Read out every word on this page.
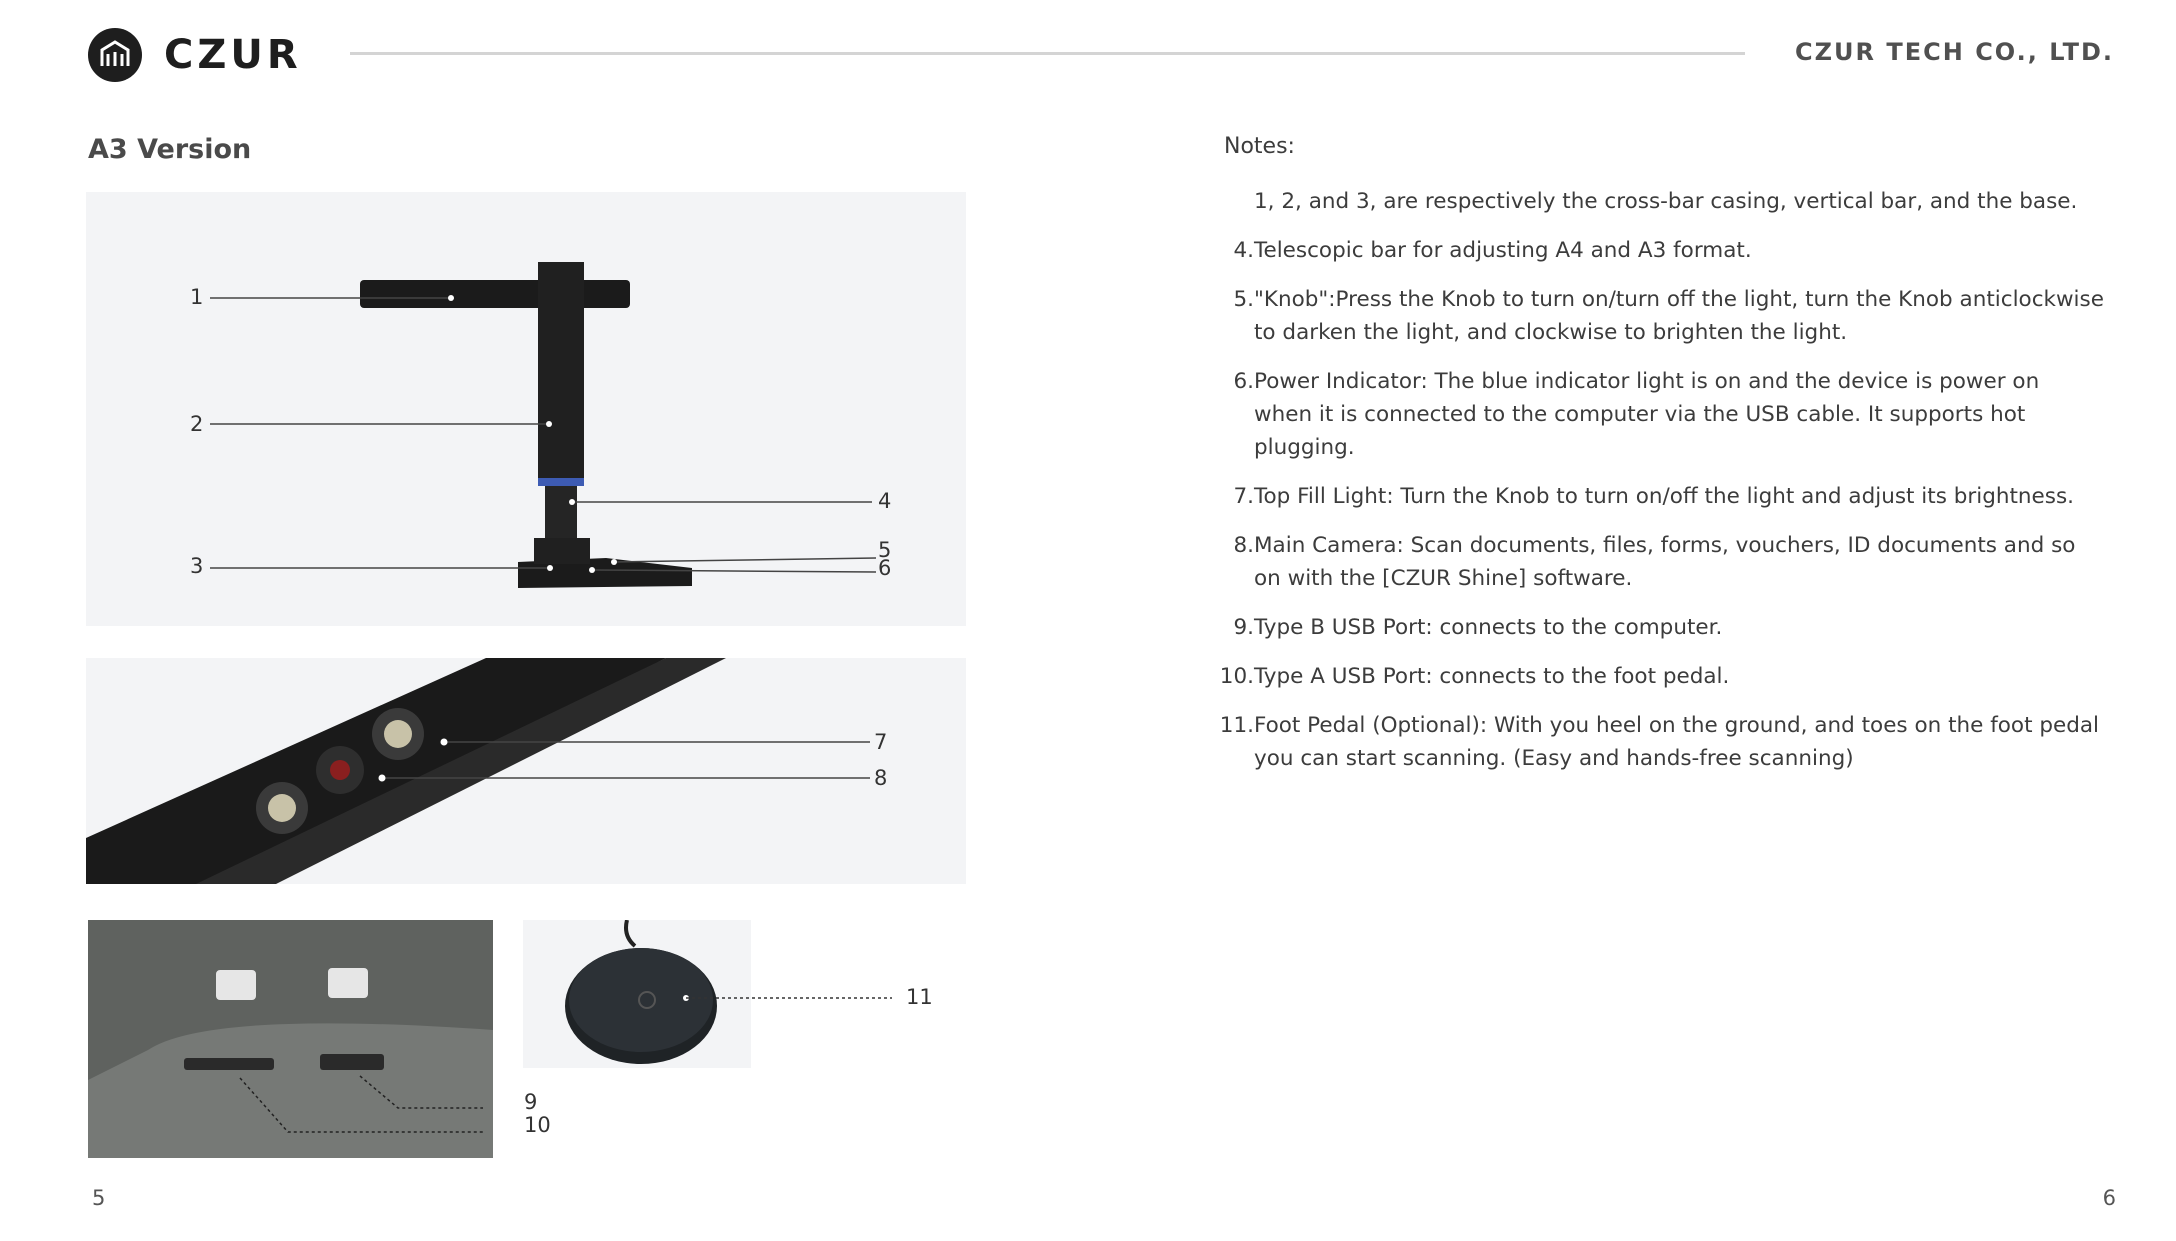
CZUR	CZUR TECH CO., LTD.
A3 Version
1
2
3
4
5
6
7
8
9
10
11
Notes:
1, 2, and 3, are respectively the cross-bar casing, vertical bar, and the base.
4. Telescopic bar for adjusting A4 and A3 format.
5. "Knob":Press the Knob to turn on/turn off the light, turn the Knob anticlockwise to darken the light, and clockwise to brighten the light.
6. Power Indicator: The blue indicator light is on and the device is power on when it is connected to the computer via the USB cable. It supports hot plugging.
7. Top Fill Light: Turn the Knob to turn on/off the light and adjust its brightness.
8. Main Camera: Scan documents, files, forms, vouchers, ID documents and so on with the [CZUR Shine] software.
9. Type B USB Port: connects to the computer.
10. Type A USB Port: connects to the foot pedal.
11. Foot Pedal (Optional): With you heel on the ground, and toes on the foot pedal you can start scanning. (Easy and hands-free scanning)
5	6
